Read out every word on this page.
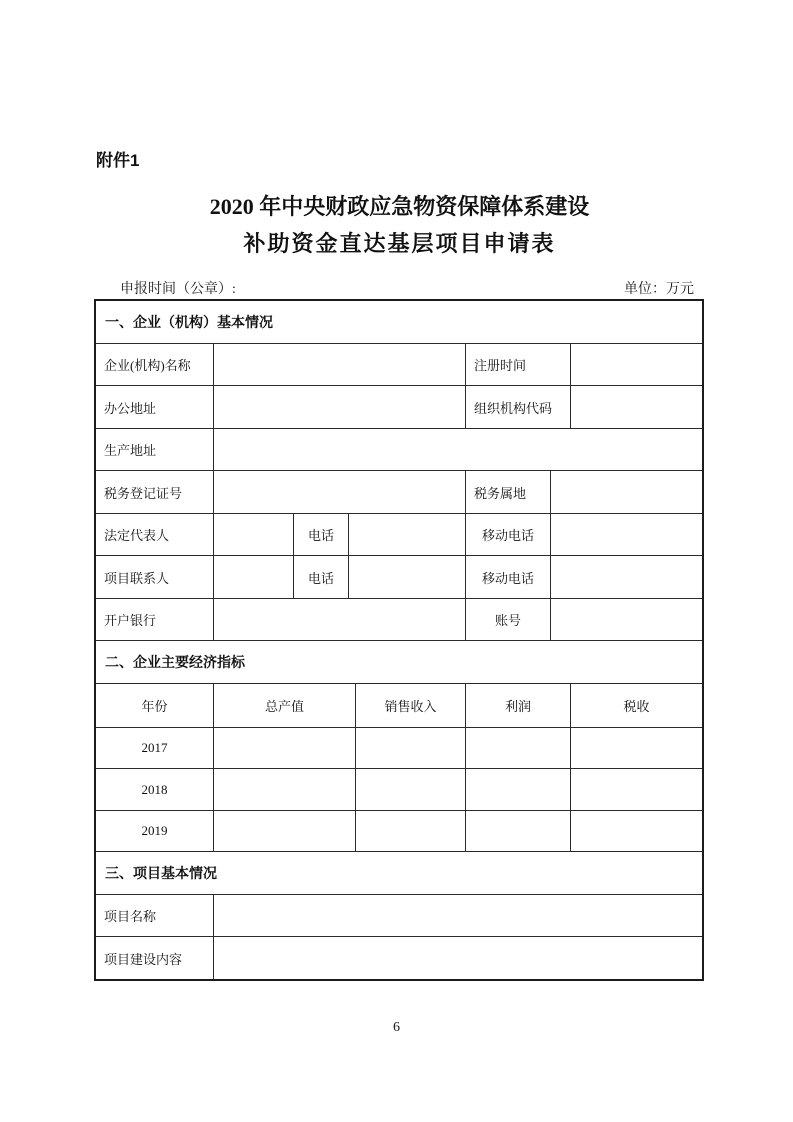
附件1
2020 年中央财政应急物资保障体系建设
补助资金直达基层项目申请表
申报时间（公章）:	单位：万元
一、企业（机构）基本情况
企业(机构)名称	注册时间
办公地址	组织机构代码
生产地址
税务登记证号	税务属地
法定代表人	电话	移动电话
项目联系人	电话	移动电话
开户银行	账号
二、企业主要经济指标
年份	总产值	销售收入	利润	税收
2017
2018
2019
三、项目基本情况
项目名称
项目建设内容
6
